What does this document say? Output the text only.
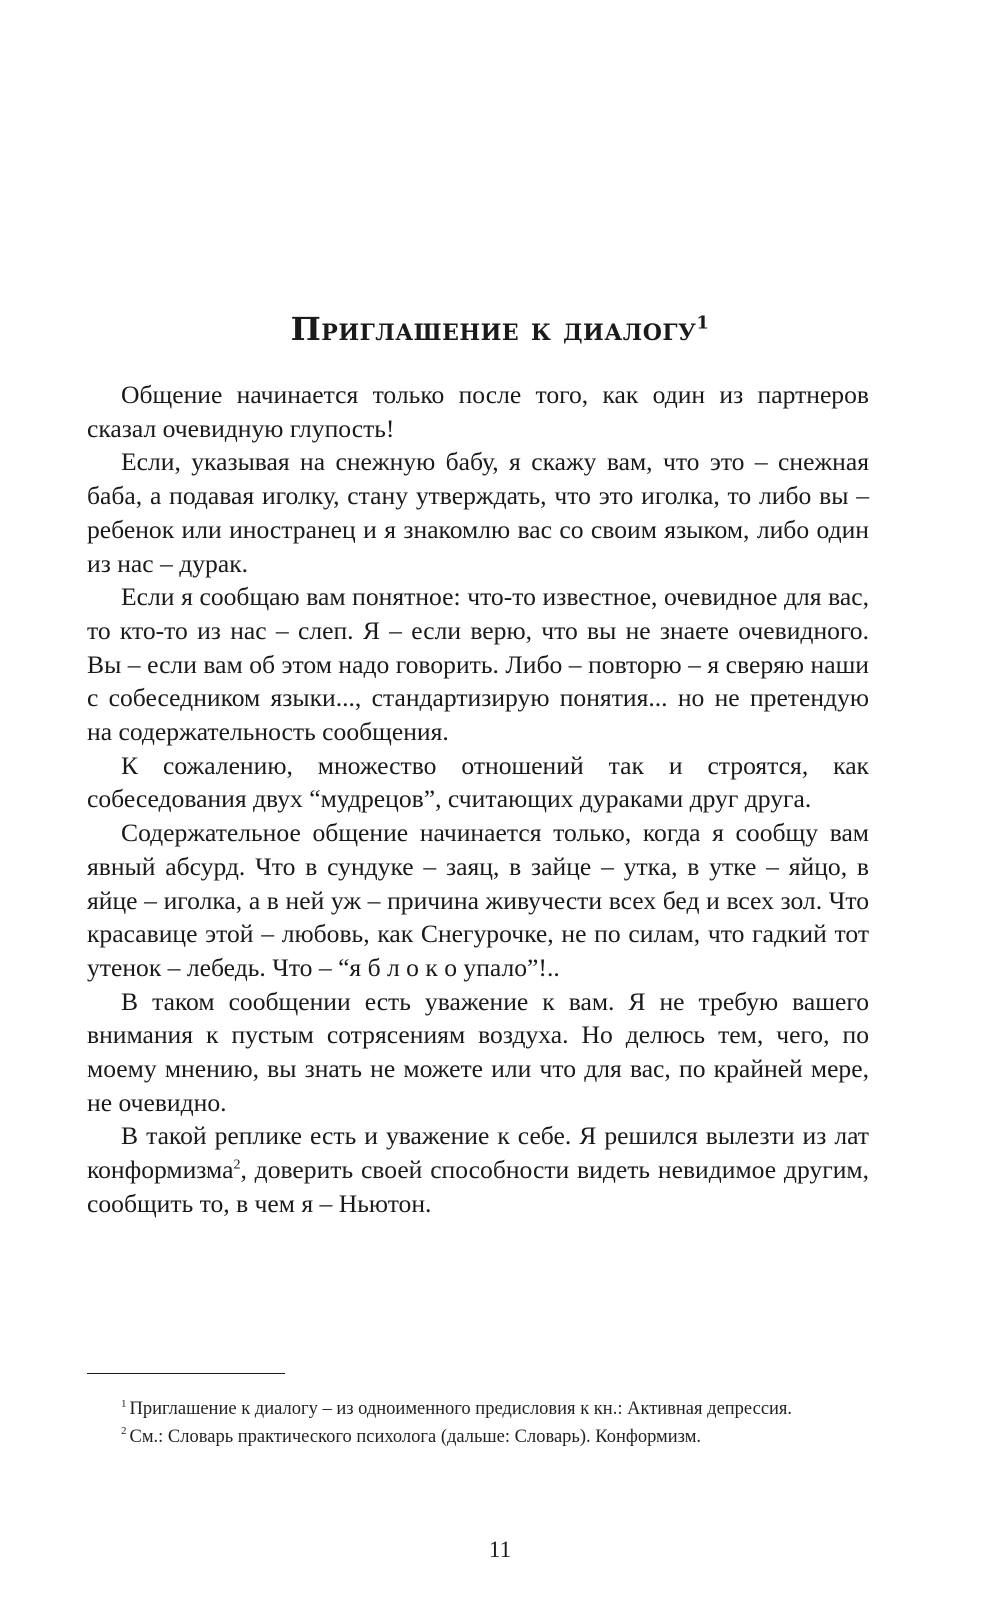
Приглашение к диалогу$^1$

Общение начинается только после того, как один из партнеров сказал очевидную глупость!

Если, указывая на снежную бабу, я скажу вам, что это – снежная баба, а подавая иголку, стану утверждать, что это иголка, то либо вы – ребенок или иностранец и я знакомлю вас со своим языком, либо один из нас – дурак.

Если я сообщаю вам понятное: что-то известное, очевидное для вас, то кто-то из нас – слеп. Я – если верю, что вы не знаете очевидного. Вы – если вам об этом надо говорить. Либо – повторю – я сверяю наши с собеседником языки..., стандартизирую понятия... но не претендую на содержательность сообщения.

К сожалению, множество отношений так и строятся, как собеседования двух “мудрецов”, считающих дураками друг друга.

Содержательное общение начинается только, когда я сообщу вам явный абсурд. Что в сундуке – заяц, в зайце – утка, в утке – яйцо, в яйце – иголка, а в ней уж – причина живучести всех бед и всех зол. Что красавице этой – любовь, как Снегурочке, не по силам, что гадкий тот утенок – лебедь. Что – “я б л о к о упало”!..

В таком сообщении есть уважение к вам. Я не требую вашего внимания к пустым сотрясениям воздуха. Но делюсь тем, чего, по моему мнению, вы знать не можете или что для вас, по крайней мере, не очевидно.

В такой реплике есть и уважение к себе. Я решился вылезти из лат конформизма$^2$, доверить своей способности видеть невидимое другим, сообщить то, в чем я – Ньютон.

$^1$ Приглашение к диалогу – из одноименного предисловия к кн.: Активная депрессия.

$^2$ См.: Словарь практического психолога (дальше: Словарь). Конформизм.

11
